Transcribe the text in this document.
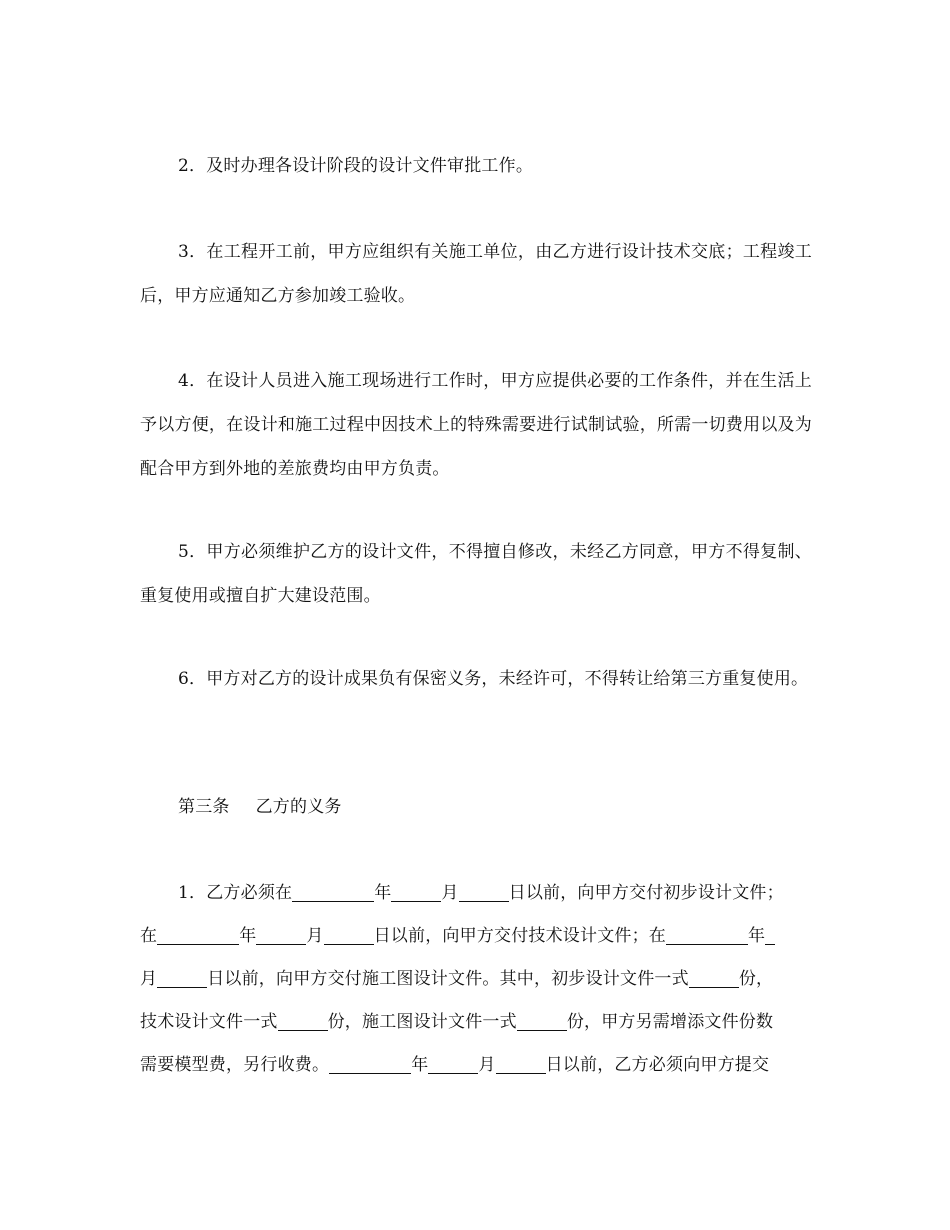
2．及时办理各设计阶段的设计文件审批工作。

3．在工程开工前，甲方应组织有关施工单位，由乙方进行设计技术交底；工程竣工后，甲方应通知乙方参加竣工验收。

4．在设计人员进入施工现场进行工作时，甲方应提供必要的工作条件，并在生活上予以方便，在设计和施工过程中因技术上的特殊需要进行试制试验，所需一切费用以及为配合甲方到外地的差旅费均由甲方负责。

5．甲方必须维护乙方的设计文件，不得擅自修改，未经乙方同意，甲方不得复制、重复使用或擅自扩大建设范围。

6．甲方对乙方的设计成果负有保密义务，未经许可，不得转让给第三方重复使用。

第三条 乙方的义务

1．乙方必须在	年	月	日以前，向甲方交付初步设计文件；

在	年	月	日以前，向甲方交付技术设计文件；在	年

月	日以前，向甲方交付施工图设计文件。其中，初步设计文件一式	份，

技术设计文件一式	份，施工图设计文件一式	份，甲方另需增添文件份数

需要模型费，另行收费。	年	月	日以前，乙方必须向甲方提交
